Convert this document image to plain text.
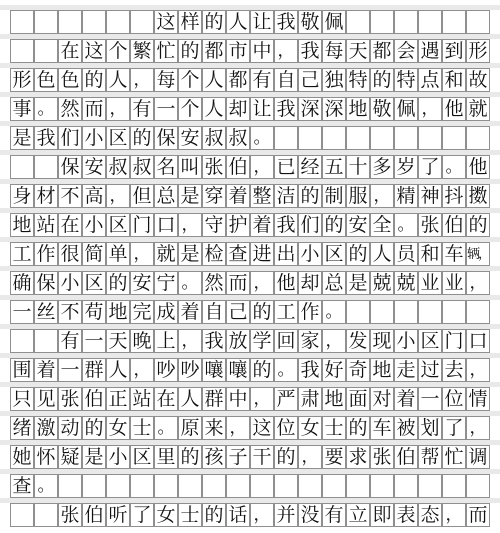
这 样 的 人 让 我 敬 佩
在 这 个 繁 忙 的 都 市 中 ， 我 每 天 都 会 遇 到 形
形 色 色 的 人 ， 每 个 人 都 有 自 己 独 特 的 特 点 和 故
事 。 然 而 ， 有 一 个 人 却 让 我 深 深 地 敬 佩 ， 他 就
是 我 们 小 区 的 保 安 叔 叔 。
保 安 叔 叔 名 叫 张 伯 ， 已 经 五 十 多 岁 了 。 他
身 材 不 高 ， 但 总 是 穿 着 整 洁 的 制 服 ， 精 神 抖 擞
地 站 在 小 区 门 口 ， 守 护 着 我 们 的 安 全 。 张 伯 的
工 作 很 简 单 ， 就 是 检 查 进 出 小 区 的 人 员 和 车 辆，
确 保 小 区 的 安 宁 。 然 而 ， 他 却 总 是 兢 兢 业 业 ，
一 丝 不 苟 地 完 成 着 自 己 的 工 作 。
有 一 天 晚 上 ， 我 放 学 回 家 ， 发 现 小 区 门 口
围 着 一 群 人 ， 吵 吵 嚷 嚷 的 。 我 好 奇 地 走 过 去 ，
只 见 张 伯 正 站 在 人 群 中 ， 严 肃 地 面 对 着 一 位 情
绪 激 动 的 女 士 。 原 来 ， 这 位 女 士 的 车 被 划 了 ，
她 怀 疑 是 小 区 里 的 孩 子 干 的 ， 要 求 张 伯 帮 忙 调
查 。
张 伯 听 了 女 士 的 话 ， 并 没 有 立 即 表 态 ， 而
